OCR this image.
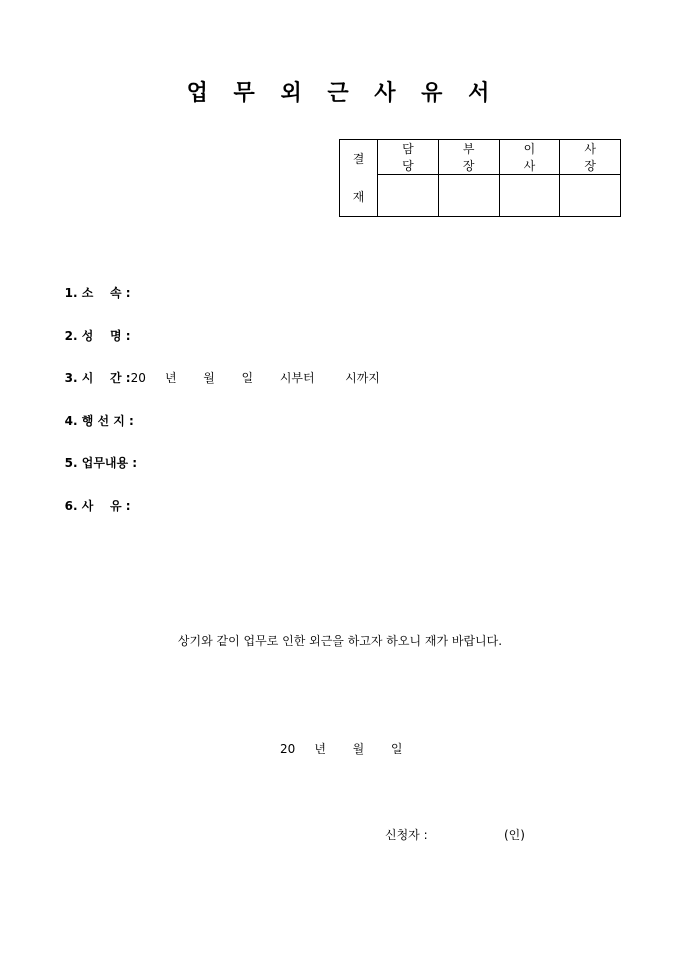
업 무 외 근 사 유 서
결
재	담 당	부 장	이 사	사 장

1. 소    속 :

2. 성    명 :

3. 시    간 :20     년       월       일       시부터        시까지

4. 행 선 지 :

5. 업무내용 :

6. 사    유 :

상기와 같이 업무로 인한 외근을 하고자 하오니 재가 바랍니다.
20     년       월       일
신청자 :	(인)
